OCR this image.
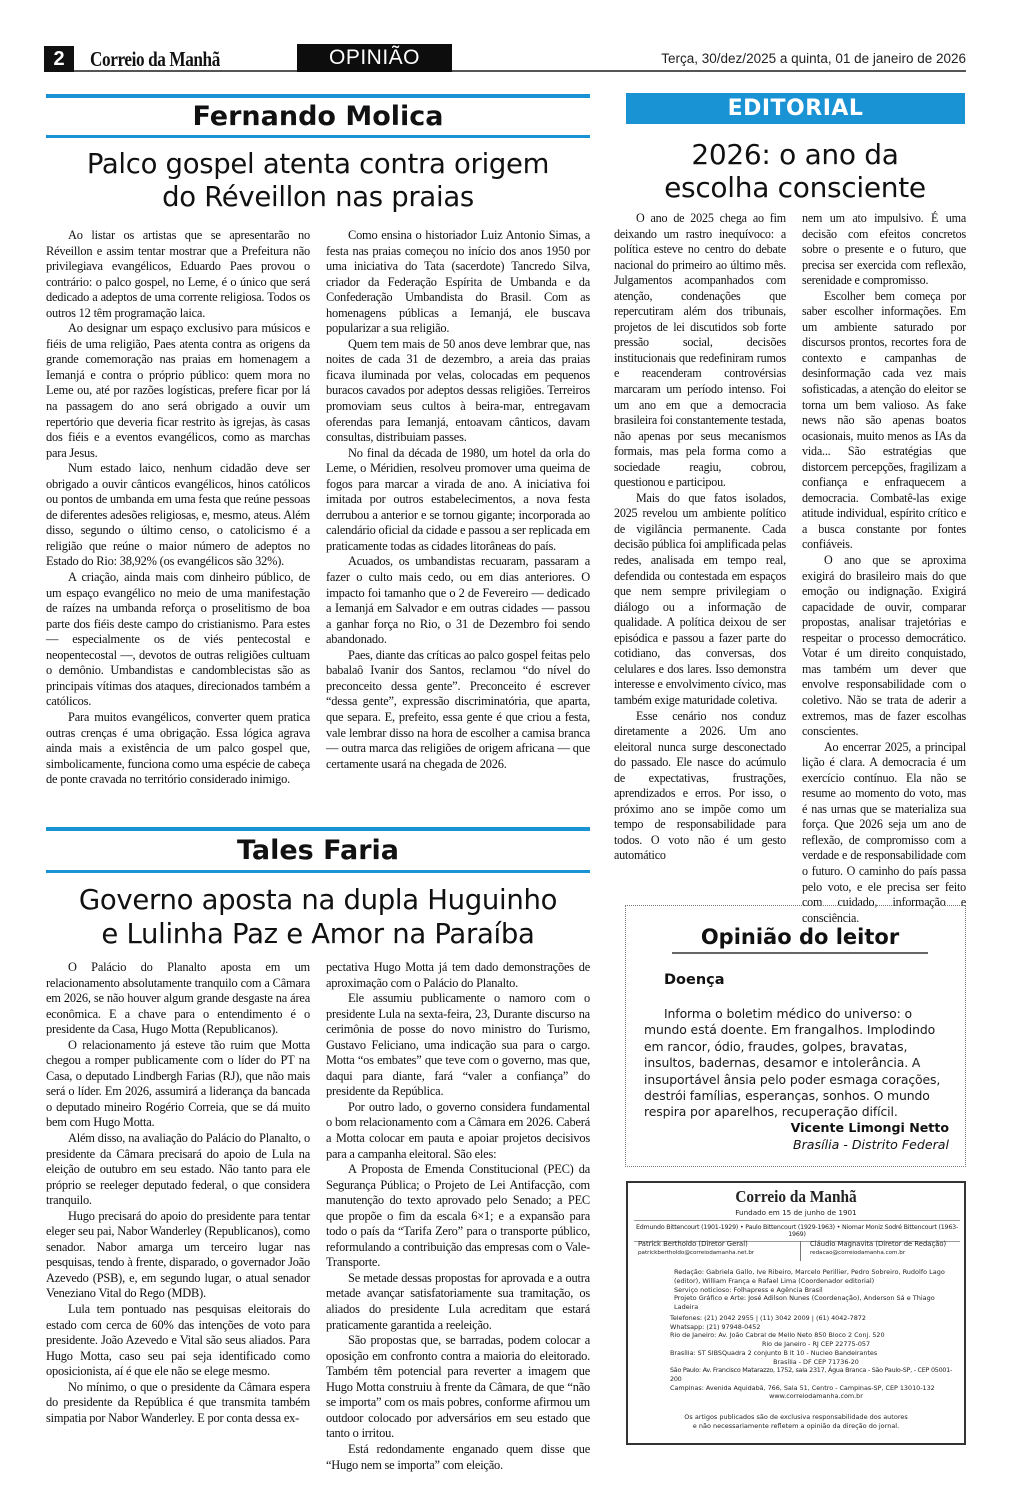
2	Correio da Manhã	OPINIÃO	Terça, 30/dez/2025 a quinta, 01 de janeiro de 2026
Fernando Molica
Palco gospel atenta contra origem
do Réveillon nas praias

Ao listar os artistas que se apresentarão no Réveillon e assim tentar mostrar que a Prefeitura não privilegiava evangélicos, Eduardo Paes provou o contrário: o palco gospel, no Leme, é o único que será dedicado a adeptos de uma corrente religiosa. Todos os outros 12 têm programação laica.

Ao designar um espaço exclusivo para músicos e fiéis de uma religião, Paes atenta contra as origens da grande comemoração nas praias em homenagem a Iemanjá e contra o próprio público: quem mora no Leme ou, até por razões logísticas, prefere ficar por lá na passagem do ano será obrigado a ouvir um repertório que deveria ficar restrito às igrejas, às casas dos fiéis e a eventos evangélicos, como as marchas para Jesus.

Num estado laico, nenhum cidadão deve ser obrigado a ouvir cânticos evangélicos, hinos católicos ou pontos de umbanda em uma festa que reúne pessoas de diferentes adesões religiosas, e, mesmo, ateus. Além disso, segundo o último censo, o catolicismo é a religião que reúne o maior número de adeptos no Estado do Rio: 38,92% (os evangélicos são 32%).

A criação, ainda mais com dinheiro público, de um espaço evangélico no meio de uma manifestação de raízes na umbanda reforça o proselitismo de boa parte dos fiéis deste campo do cristianismo. Para estes — especialmente os de viés pentecostal e neopentecostal —, devotos de outras religiões cultuam o demônio. Umbandistas e candomblecistas são as principais vítimas dos ataques, direcionados também a católicos.

Para muitos evangélicos, converter quem pratica outras crenças é uma obrigação. Essa lógica agrava ainda mais a existência de um palco gospel que, simbolicamente, funciona como uma espécie de cabeça de ponte cravada no território considerado inimigo.

Como ensina o historiador Luiz Antonio Simas, a festa nas praias começou no início dos anos 1950 por uma iniciativa do Tata (sacerdote) Tancredo Silva, criador da Federação Espírita de Umbanda e da Confederação Umbandista do Brasil. Com as homenagens públicas a Iemanjá, ele buscava popularizar a sua religião.

Quem tem mais de 50 anos deve lembrar que, nas noites de cada 31 de dezembro, a areia das praias ficava iluminada por velas, colocadas em pequenos buracos cavados por adeptos dessas religiões. Terreiros promoviam seus cultos à beira-mar, entregavam oferendas para Iemanjá, entoavam cânticos, davam consultas, distribuiam passes.

No final da década de 1980, um hotel da orla do Leme, o Méridien, resolveu promover uma queima de fogos para marcar a virada de ano. A iniciativa foi imitada por outros estabelecimentos, a nova festa derrubou a anterior e se tornou gigante; incorporada ao calendário oficial da cidade e passou a ser replicada em praticamente todas as cidades litorâneas do país.

Acuados, os umbandistas recuaram, passaram a fazer o culto mais cedo, ou em dias anteriores. O impacto foi tamanho que o 2 de Fevereiro — dedicado a Iemanjá em Salvador e em outras cidades — passou a ganhar força no Rio, o 31 de Dezembro foi sendo abandonado.

Paes, diante das críticas ao palco gospel feitas pelo babalaô Ivanir dos Santos, reclamou “do nível do preconceito dessa gente”. Preconceito é escrever “dessa gente”, expressão discriminatória, que aparta, que separa. E, prefeito, essa gente é que criou a festa, vale lembrar disso na hora de escolher a camisa branca — outra marca das religiões de origem africana — que certamente usará na chegada de 2026.

EDITORIAL
2026: o ano da
escolha consciente

O ano de 2025 chega ao fim deixando um rastro inequívoco: a política esteve no centro do debate nacional do primeiro ao último mês. Julgamentos acompanhados com atenção, condenações que repercutiram além dos tribunais, projetos de lei discutidos sob forte pressão social, decisões institucionais que redefiniram rumos e reacenderam controvérsias marcaram um período intenso. Foi um ano em que a democracia brasileira foi constantemente testada, não apenas por seus mecanismos formais, mas pela forma como a sociedade reagiu, cobrou, questionou e participou.

Mais do que fatos isolados, 2025 revelou um ambiente político de vigilância permanente. Cada decisão pública foi amplificada pelas redes, analisada em tempo real, defendida ou contestada em espaços que nem sempre privilegiam o diálogo ou a informação de qualidade. A política deixou de ser episódica e passou a fazer parte do cotidiano, das conversas, dos celulares e dos lares. Isso demonstra interesse e envolvimento cívico, mas também exige maturidade coletiva.

Esse cenário nos conduz diretamente a 2026. Um ano eleitoral nunca surge desconectado do passado. Ele nasce do acúmulo de expectativas, frustrações, aprendizados e erros. Por isso, o próximo ano se impõe como um tempo de responsabilidade para todos. O voto não é um gesto automático

nem um ato impulsivo. É uma decisão com efeitos concretos sobre o presente e o futuro, que precisa ser exercida com reflexão, serenidade e compromisso.

Escolher bem começa por saber escolher informações. Em um ambiente saturado por discursos prontos, recortes fora de contexto e campanhas de desinformação cada vez mais sofisticadas, a atenção do eleitor se torna um bem valioso. As fake news não são apenas boatos ocasionais, muito menos as IAs da vida... São estratégias que distorcem percepções, fragilizam a confiança e enfraquecem a democracia. Combatê-las exige atitude individual, espírito crítico e a busca constante por fontes confiáveis.

O ano que se aproxima exigirá do brasileiro mais do que emoção ou indignação. Exigirá capacidade de ouvir, comparar propostas, analisar trajetórias e respeitar o processo democrático. Votar é um direito conquistado, mas também um dever que envolve responsabilidade com o coletivo. Não se trata de aderir a extremos, mas de fazer escolhas conscientes.

Ao encerrar 2025, a principal lição é clara. A democracia é um exercício contínuo. Ela não se resume ao momento do voto, mas é nas urnas que se materializa sua força. Que 2026 seja um ano de reflexão, de compromisso com a verdade e de responsabilidade com o futuro. O caminho do país passa pelo voto, e ele precisa ser feito com cuidado, informação e consciência.

Tales Faria
Governo aposta na dupla Huguinho
e Lulinha Paz e Amor na Paraíba

O Palácio do Planalto aposta em um relacionamento absolutamente tranquilo com a Câmara em 2026, se não houver algum grande desgaste na área econômica. E a chave para o entendimento é o presidente da Casa, Hugo Motta (Republicanos).

O relacionamento já esteve tão ruim que Motta chegou a romper publicamente com o líder do PT na Casa, o deputado Lindbergh Farias (RJ), que não mais será o líder. Em 2026, assumirá a liderança da bancada o deputado mineiro Rogério Correia, que se dá muito bem com Hugo Motta.

Além disso, na avaliação do Palácio do Planalto, o presidente da Câmara precisará do apoio de Lula na eleição de outubro em seu estado. Não tanto para ele próprio se reeleger deputado federal, o que considera tranquilo.

Hugo precisará do apoio do presidente para tentar eleger seu pai, Nabor Wanderley (Republicanos), como senador. Nabor amarga um terceiro lugar nas pesquisas, tendo à frente, disparado, o governador João Azevedo (PSB), e, em segundo lugar, o atual senador Veneziano Vital do Rego (MDB).

Lula tem pontuado nas pesquisas eleitorais do estado com cerca de 60% das intenções de voto para presidente. João Azevedo e Vital são seus aliados. Para Hugo Motta, caso seu pai seja identificado como oposicionista, aí é que ele não se elege mesmo.

No mínimo, o que o presidente da Câmara espera do presidente da República é que transmita também simpatia por Nabor Wanderley. E por conta dessa ex-

pectativa Hugo Motta já tem dado demonstrações de aproximação com o Palácio do Planalto.

Ele assumiu publicamente o namoro com o presidente Lula na sexta-feira, 23, Durante discurso na cerimônia de posse do novo ministro do Turismo, Gustavo Feliciano, uma indicação sua para o cargo. Motta “os embates” que teve com o governo, mas que, daqui para diante, fará “valer a confiança” do presidente da República.

Por outro lado, o governo considera fundamental o bom relacionamento com a Câmara em 2026. Caberá a Motta colocar em pauta e apoiar projetos decisivos para a campanha eleitoral. São eles:

A Proposta de Emenda Constitucional (PEC) da Segurança Pública; o Projeto de Lei Antifacção, com manutenção do texto aprovado pelo Senado; a PEC que propõe o fim da escala 6×1; e a expansão para todo o país da “Tarifa Zero” para o transporte público, reformulando a contribuição das empresas com o Vale-Transporte.

Se metade dessas propostas for aprovada e a outra metade avançar satisfatoriamente sua tramitação, os aliados do presidente Lula acreditam que estará praticamente garantida a reeleição.

São propostas que, se barradas, podem colocar a oposição em confronto contra a maioria do eleitorado. Também têm potencial para reverter a imagem que Hugo Motta construiu à frente da Câmara, de que “não se importa” com os mais pobres, conforme afirmou um outdoor colocado por adversários em seu estado que tanto o irritou.

Está redondamente enganado quem disse que “Hugo nem se importa” com eleição.

Opinião do leitor
Doença
Informa o boletim médico do universo: o mundo está doente. Em frangalhos. Implodindo em rancor, ódio, fraudes, golpes, bravatas, insultos, badernas, desamor e intolerância. A insuportável ânsia pelo poder esmaga corações, destrói famílias, esperanças, sonhos. O mundo respira por aparelhos, recuperação difícil.
Vicente Limongi Netto
Brasília - Distrito Federal
Correio da Manhã
Fundado em 15 de junho de 1901
Edmundo Bittencourt (1901-1929) • Paulo Bittencourt (1929-1963) • Niomar Moniz Sodré Bittencourt (1963-1969)
Patrick Bertholdo (Diretor Geral)
patrickbertholdo@correiodamanha.net.br
Cláudio Magnavita (Diretor de Redação)
redacao@correiodamanha.com.br
Redação: Gabriela Gallo, Ive Ribeiro, Marcelo Perillier, Pedro Sobreiro, Rudolfo Lago (editor), William França e Rafael Lima (Coordenador editorial)
Serviço noticioso: Folhapress e Agência Brasil
Projeto Gráfico e Arte: José Adilson Nunes (Coordenação), Anderson Sá e Thiago Ladeira
Telefones: (21) 2042 2955 | (11) 3042 2009 | (61) 4042-7872
Whatsapp: (21) 97948-0452
Rio de Janeiro: Av. João Cabral de Mello Neto 850 Bloco 2 Conj. 520
Rio de Janeiro - RJ CEP 22775-057
Brasília: ST SIBSQuadra 2 conjunto B lt 10 - Nucleo Bandeirantes
Brasília - DF CEP 71736-20
São Paulo: Av. Francisco Matarazzo, 1752, sala 2317, Água Branca - São Paulo-SP, - CEP 05001-200
Campinas: Avenida Aquidabã, 766, Sala 51, Centro - Campinas-SP, CEP 13010-132
www.correiodamanha.com.br
Os artigos publicados são de exclusiva responsabilidade dos autores
e não necessariamente refletem a opinião da direção do jornal.
